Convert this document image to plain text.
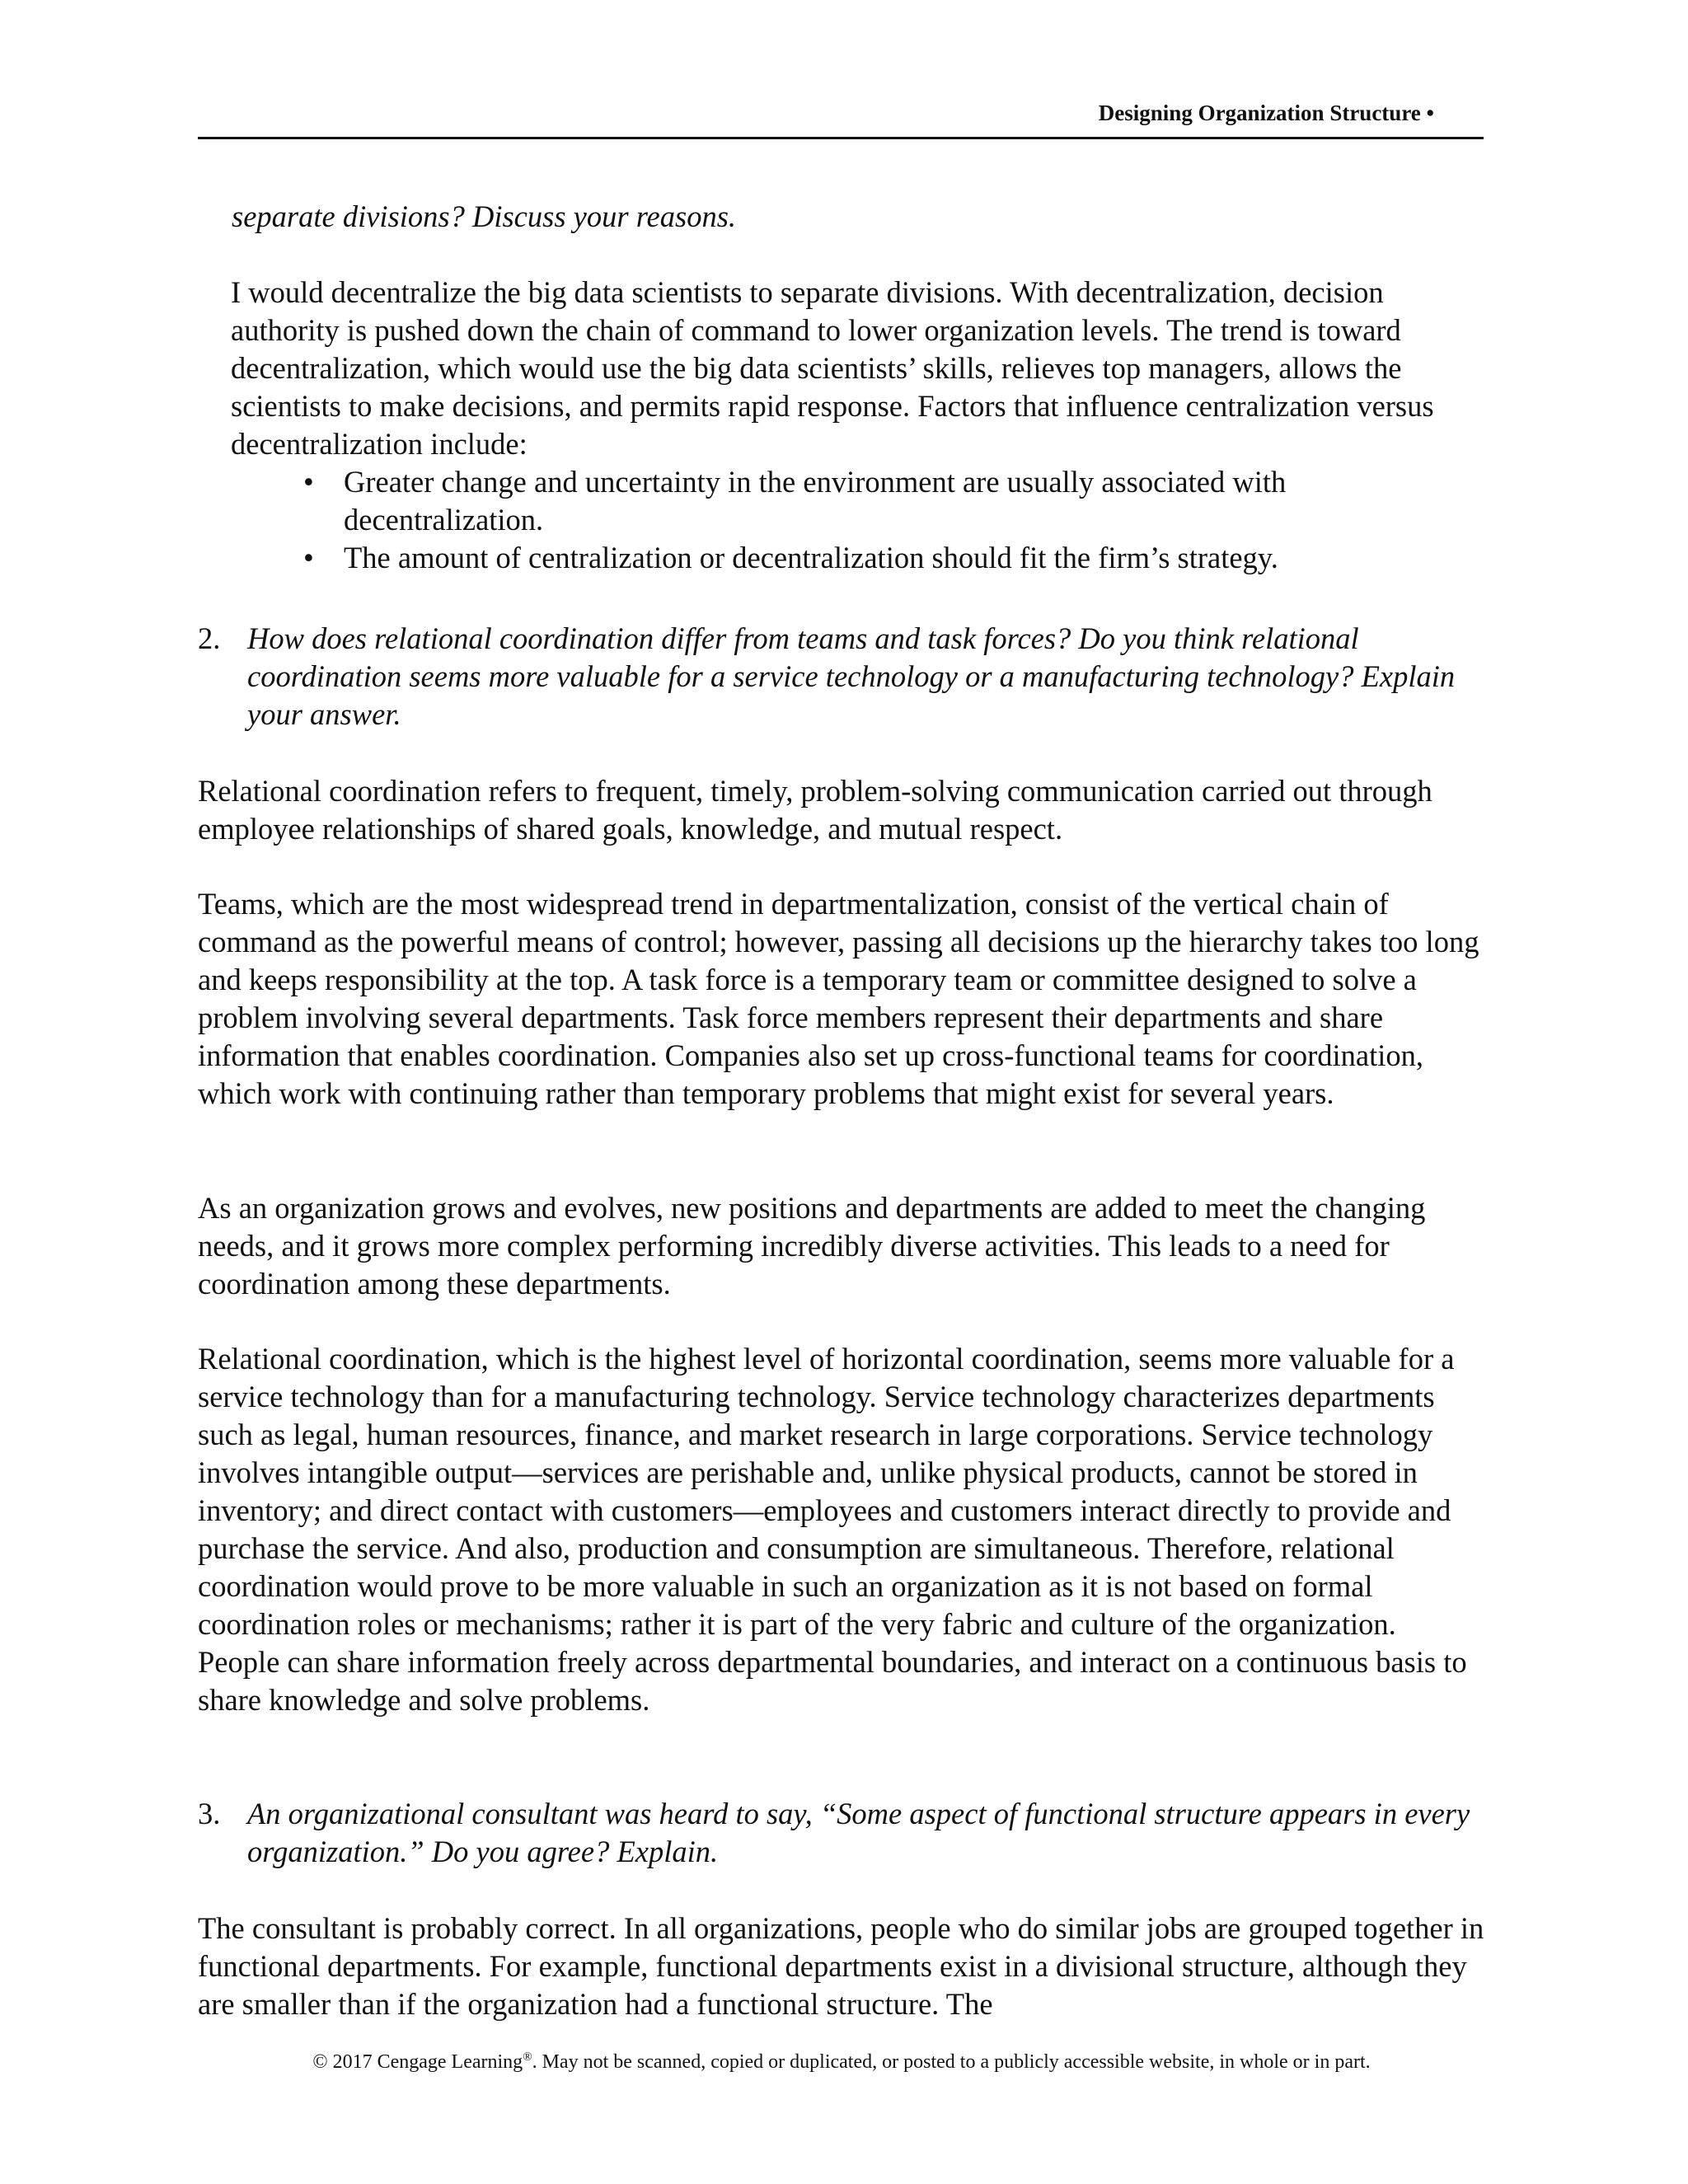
Designing Organization Structure •

separate divisions? Discuss your reasons.

I would decentralize the big data scientists to separate divisions. With decentralization, decision authority is pushed down the chain of command to lower organization levels. The trend is toward decentralization, which would use the big data scientists’ skills, relieves top managers, allows the scientists to make decisions, and permits rapid response. Factors that influence centralization versus decentralization include:

• Greater change and uncertainty in the environment are usually associated with decentralization.
• The amount of centralization or decentralization should fit the firm’s strategy.
2. How does relational coordination differ from teams and task forces? Do you think relational coordination seems more valuable for a service technology or a manufacturing technology? Explain your answer.

Relational coordination refers to frequent, timely, problem-solving communication carried out through employee relationships of shared goals, knowledge, and mutual respect.

Teams, which are the most widespread trend in departmentalization, consist of the vertical chain of command as the powerful means of control; however, passing all decisions up the hierarchy takes too long and keeps responsibility at the top. A task force is a temporary team or committee designed to solve a problem involving several departments. Task force members represent their departments and share information that enables coordination. Companies also set up cross-functional teams for coordination, which work with continuing rather than temporary problems that might exist for several years.

As an organization grows and evolves, new positions and departments are added to meet the changing needs, and it grows more complex performing incredibly diverse activities. This leads to a need for coordination among these departments.

Relational coordination, which is the highest level of horizontal coordination, seems more valuable for a service technology than for a manufacturing technology. Service technology characterizes departments such as legal, human resources, finance, and market research in large corporations. Service technology involves intangible output—services are perishable and, unlike physical products, cannot be stored in inventory; and direct contact with customers—employees and customers interact directly to provide and purchase the service. And also, production and consumption are simultaneous. Therefore, relational coordination would prove to be more valuable in such an organization as it is not based on formal coordination roles or mechanisms; rather it is part of the very fabric and culture of the organization. People can share information freely across departmental boundaries, and interact on a continuous basis to share knowledge and solve problems.

3. An organizational consultant was heard to say, “Some aspect of functional structure appears in every organization.” Do you agree? Explain.

The consultant is probably correct. In all organizations, people who do similar jobs are grouped together in functional departments. For example, functional departments exist in a divisional structure, although they are smaller than if the organization had a functional structure. The

© 2017 Cengage Learning®. May not be scanned, copied or duplicated, or posted to a publicly accessible website, in whole or in part.
